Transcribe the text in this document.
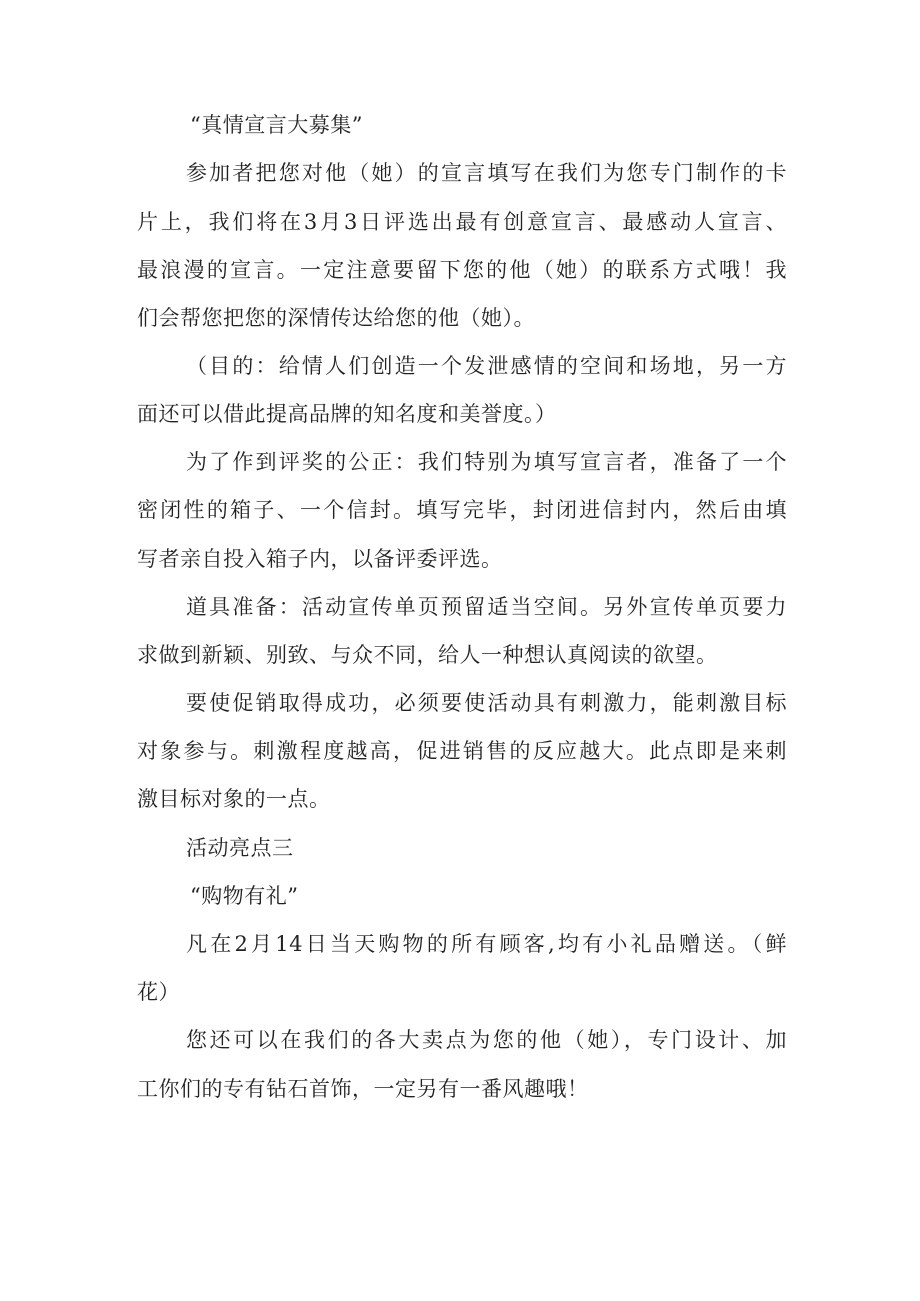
“真情宣言大募集”
参加者把您对他（她）的宣言填写在我们为您专门制作的卡
片上，我们将在3月3日评选出最有创意宣言、最感动人宣言、
最浪漫的宣言。一定注意要留下您的他（她）的联系方式哦！我
们会帮您把您的深情传达给您的他（她）。
（目的：给情人们创造一个发泄感情的空间和场地，另一方
面还可以借此提高品牌的知名度和美誉度。）
为了作到评奖的公正：我们特别为填写宣言者，准备了一个
密闭性的箱子、一个信封。填写完毕，封闭进信封内，然后由填
写者亲自投入箱子内，以备评委评选。
道具准备：活动宣传单页预留适当空间。另外宣传单页要力
求做到新颖、别致、与众不同，给人一种想认真阅读的欲望。
要使促销取得成功，必须要使活动具有刺激力，能刺激目标
对象参与。刺激程度越高，促进销售的反应越大。此点即是来刺
激目标对象的一点。
活动亮点三
“购物有礼”
凡在2月14日当天购物的所有顾客,均有小礼品赠送。（鲜
花）
您还可以在我们的各大卖点为您的他（她），专门设计、加
工你们的专有钻石首饰，一定另有一番风趣哦！
